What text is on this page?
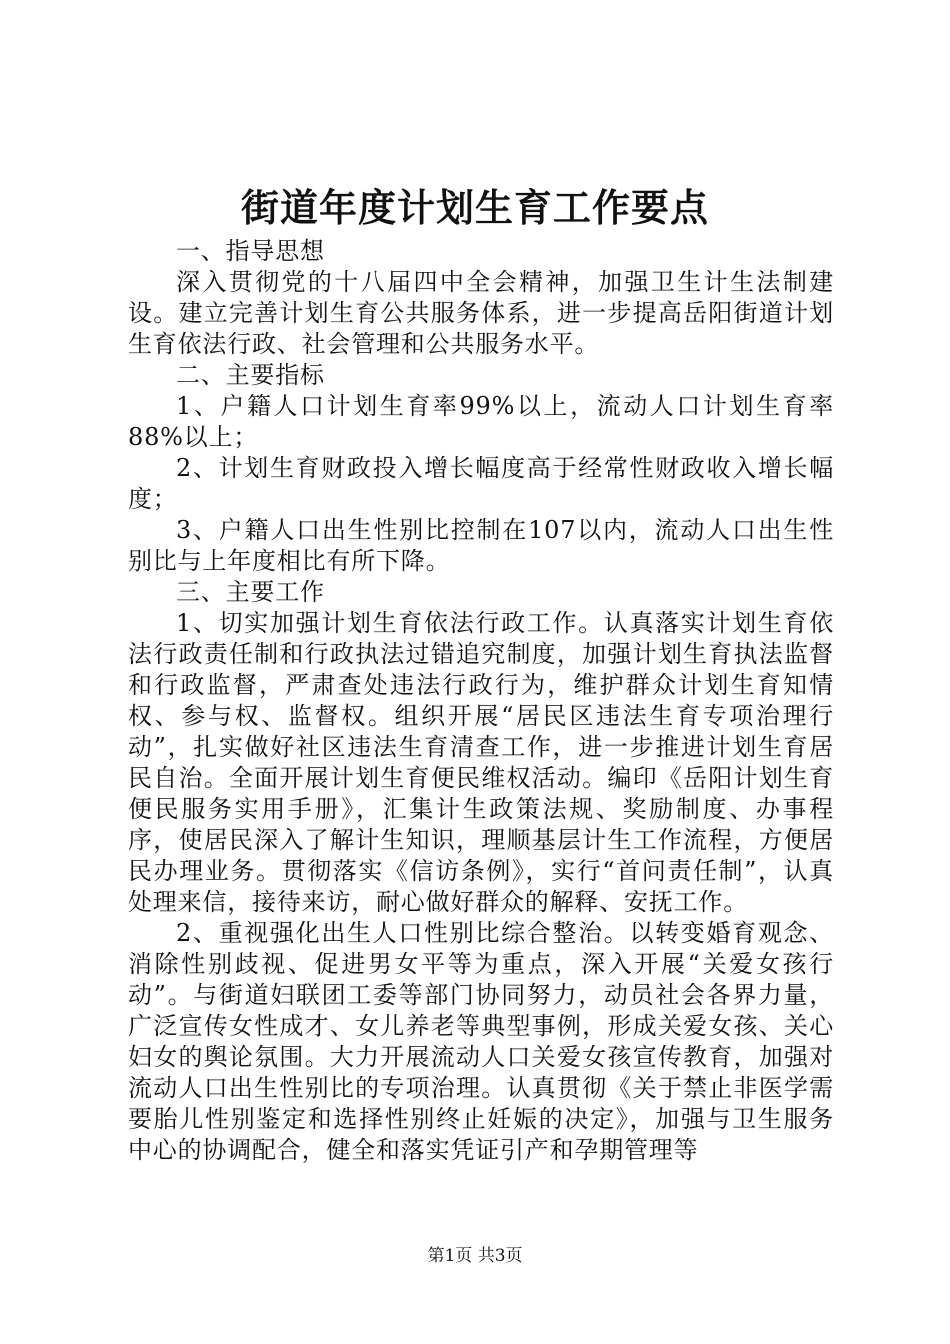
街道年度计划生育工作要点

一、指导思想

深入贯彻党的十八届四中全会精神，加强卫生计生法制建设。建立完善计划生育公共服务体系，进一步提高岳阳街道计划生育依法行政、社会管理和公共服务水平。

二、主要指标

1、户籍人口计划生育率99%以上，流动人口计划生育率88%以上；

2、计划生育财政投入增长幅度高于经常性财政收入增长幅度；

3、户籍人口出生性别比控制在107以内，流动人口出生性别比与上年度相比有所下降。

三、主要工作

1、切实加强计划生育依法行政工作。认真落实计划生育依法行政责任制和行政执法过错追究制度，加强计划生育执法监督和行政监督，严肃查处违法行政行为，维护群众计划生育知情权、参与权、监督权。组织开展“居民区违法生育专项治理行动”，扎实做好社区违法生育清查工作，进一步推进计划生育居民自治。全面开展计划生育便民维权活动。编印《岳阳计划生育便民服务实用手册》，汇集计生政策法规、奖励制度、办事程序，使居民深入了解计生知识，理顺基层计生工作流程，方便居民办理业务。贯彻落实《信访条例》，实行“首问责任制”，认真处理来信，接待来访，耐心做好群众的解释、安抚工作。

2、重视强化出生人口性别比综合整治。以转变婚育观念、消除性别歧视、促进男女平等为重点，深入开展“关爱女孩行动”。与街道妇联团工委等部门协同努力，动员社会各界力量，广泛宣传女性成才、女儿养老等典型事例，形成关爱女孩、关心妇女的舆论氛围。大力开展流动人口关爱女孩宣传教育，加强对流动人口出生性别比的专项治理。认真贯彻《关于禁止非医学需要胎儿性别鉴定和选择性别终止妊娠的决定》，加强与卫生服务中心的协调配合，健全和落实凭证引产和孕期管理等

第1页 共3页
